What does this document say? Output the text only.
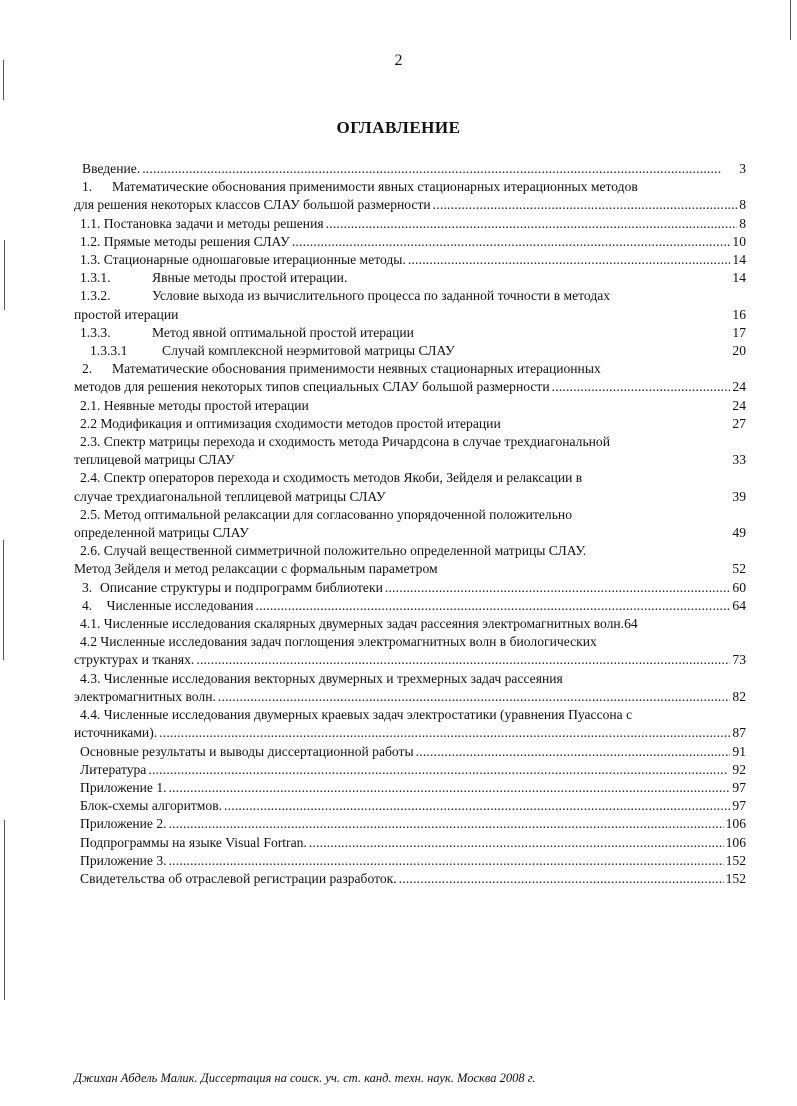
2
ОГЛАВЛЕНИЕ
Введение. . . .	3
1.	Математические обоснования применимости явных стационарных итерационных методов
для решения некоторых классов СЛАУ большой размерности . . .	8
1.1. Постановка задачи и методы решения . . .	8
1.2. Прямые методы решения СЛАУ . . .	10
1.3. Стационарные одношаговые итерационные методы. . . .	14
1.3.1.	Явные методы простой итерации.	14
1.3.2.	Условие выхода из вычислительного процесса по заданной точности в методах
простой итерации	16
1.3.3.	Метод явной оптимальной простой итерации	17
1.3.3.1	Случай комплексной неэрмитовой матрицы СЛАУ	20
2.	Математические обоснования применимости неявных стационарных итерационных
методов для решения некоторых типов специальных СЛАУ большой размерности . . .	24
2.1. Неявные методы простой итерации	24
2.2 Модификация и оптимизация сходимости методов простой итерации	27
2.3. Спектр матрицы перехода и сходимость метода Ричардсона в случае трехдиагональной
теплицевой матрицы СЛАУ	33
2.4. Спектр операторов перехода и сходимость методов Якоби, Зейделя и релаксации в
случае трехдиагональной теплицевой матрицы СЛАУ	39
2.5. Метод оптимальной релаксации для согласованно упорядоченной положительно
определенной матрицы СЛАУ	49
2.6. Случай вещественной симметричной положительно определенной матрицы СЛАУ.
Метод Зейделя и метод релаксации с формальным параметром	52
3. Описание структуры и подпрограмм библиотеки . . .	60
4.	Численные исследования . . .	64
4.1. Численные исследования скалярных двумерных задач рассеяния электромагнитных волн. 64
4.2 Численные исследования задач поглощения электромагнитных волн в биологических
структурах и тканях. . . .	73
4.3. Численные исследования векторных двумерных и трехмерных задач рассеяния
электромагнитных волн. . . .	82
4.4. Численные исследования двумерных краевых задач электростатики (уравнения Пуассона с
источниками). . . .	87
Основные результаты и выводы диссертационной работы . . .	91
Литература . . .	92
Приложение 1. . . .	97
Блок-схемы алгоритмов. . . .	97
Приложение 2. . . .	106
Подпрограммы на языке Visual Fortran. . . .	106
Приложение 3. . . .	152
Свидетельства об отраслевой регистрации разработок. . . .	152
Джихан Абдель Малик. Диссертация на соиск. уч. ст. канд. техн. наук. Москва 2008 г.
